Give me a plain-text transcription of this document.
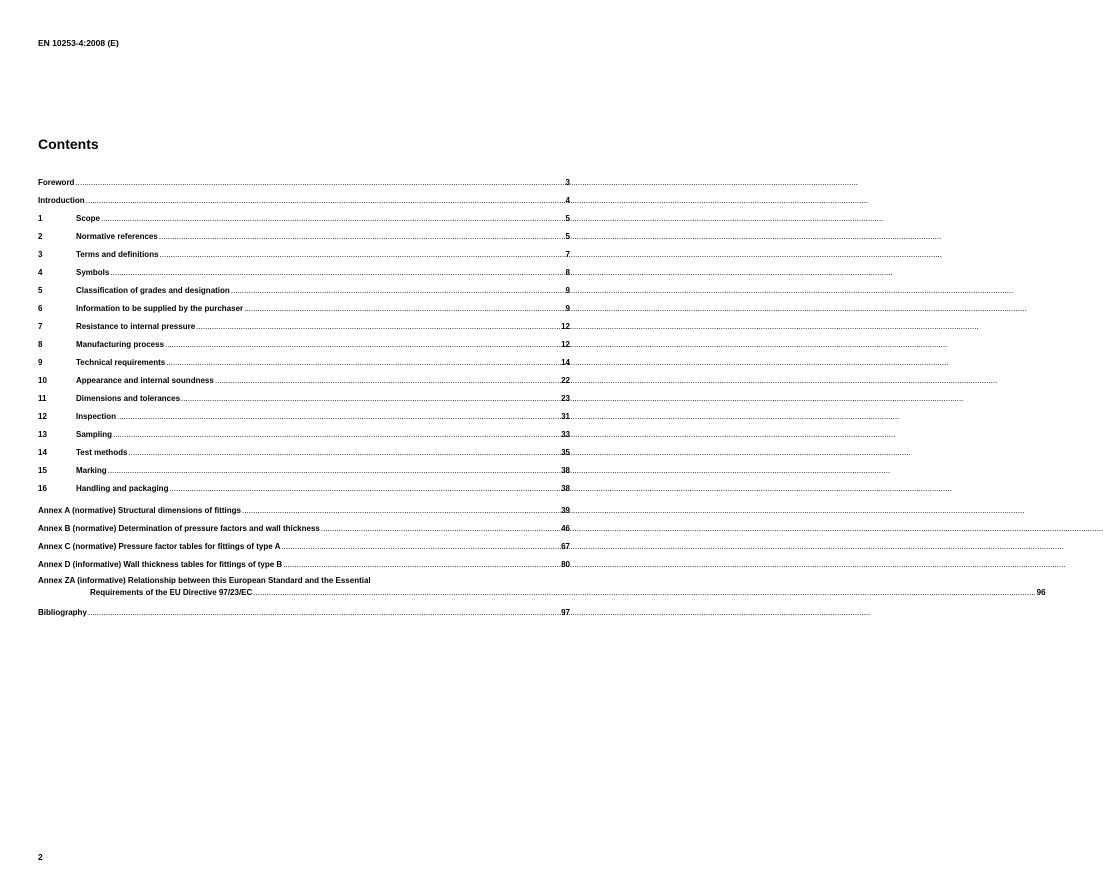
EN 10253-4:2008 (E)
Contents
Foreword .....	3
Introduction .....	4
1	Scope .....	5
2	Normative references .....	5
3	Terms and definitions .....	7
4	Symbols .....	8
5	Classification of grades and designation .....	9
6	Information to be supplied by the purchaser .....	9
7	Resistance to internal pressure .....	12
8	Manufacturing process .....	12
9	Technical requirements .....	14
10	Appearance and internal soundness .....	22
11	Dimensions and tolerances .....	23
12	Inspection .....	31
13	Sampling .....	33
14	Test methods .....	35
15	Marking .....	38
16	Handling and packaging .....	38
Annex A (normative) Structural dimensions of fittings .....	39
Annex B (normative) Determination of pressure factors and wall thickness .....	46
Annex C (normative) Pressure factor tables for fittings of type A .....	67
Annex D (informative) Wall thickness tables for fittings of type B .....	80
Annex ZA (informative) Relationship between this European Standard and the Essential
Requirements of the EU Directive 97/23/EC .....	96
Bibliography .....	97
2
